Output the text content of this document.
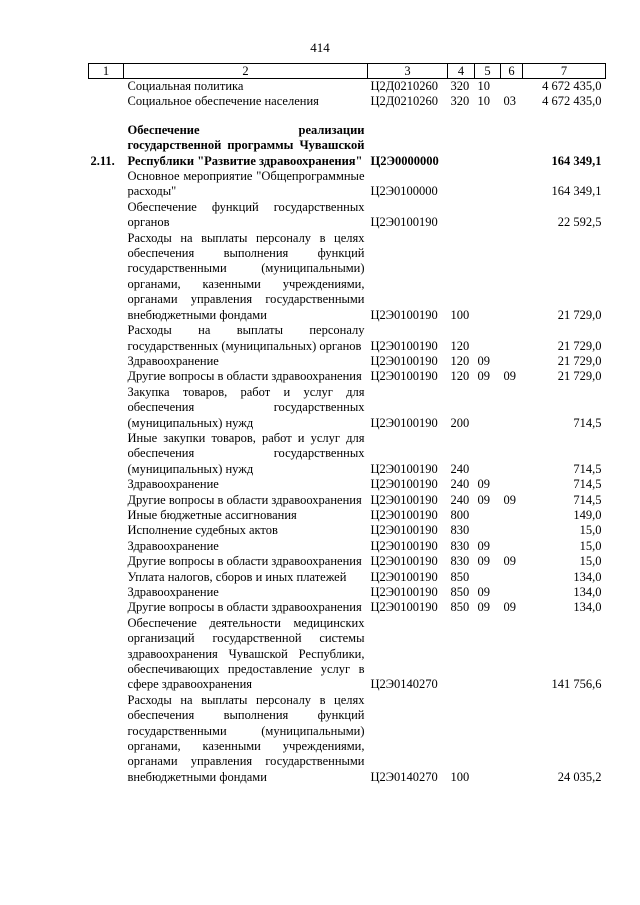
414
1	2	3	4	5	6	7
	Социальная политика	Ц2Д0210260	320	10		4 672 435,0
	Социальное обеспечение населения	Ц2Д0210260	320	10	03	4 672 435,0

2.11.	Обеспечение реализации государственной программы Чувашской Республики "Развитие здравоохранения"	Ц2Э0000000				164 349,1
	Основное мероприятие "Общепрограммные расходы"	Ц2Э0100000				164 349,1
	Обеспечение функций государственных органов	Ц2Э0100190				22 592,5
	Расходы на выплаты персоналу в целях обеспечения выполнения функций государственными (муниципальными) органами, казенными учреждениями, органами управления государственными внебюджетными фондами	Ц2Э0100190	100			21 729,0
	Расходы на выплаты персоналу государственных (муниципальных) органов	Ц2Э0100190	120			21 729,0
	Здравоохранение	Ц2Э0100190	120	09		21 729,0
	Другие вопросы в области здравоохранения	Ц2Э0100190	120	09	09	21 729,0
	Закупка товаров, работ и услуг для обеспечения государственных (муниципальных) нужд	Ц2Э0100190	200			714,5
	Иные закупки товаров, работ и услуг для обеспечения государственных (муниципальных) нужд	Ц2Э0100190	240			714,5
	Здравоохранение	Ц2Э0100190	240	09		714,5
	Другие вопросы в области здравоохранения	Ц2Э0100190	240	09	09	714,5
	Иные бюджетные ассигнования	Ц2Э0100190	800			149,0
	Исполнение судебных актов	Ц2Э0100190	830			15,0
	Здравоохранение	Ц2Э0100190	830	09		15,0
	Другие вопросы в области здравоохранения	Ц2Э0100190	830	09	09	15,0
	Уплата налогов, сборов и иных платежей	Ц2Э0100190	850			134,0
	Здравоохранение	Ц2Э0100190	850	09		134,0
	Другие вопросы в области здравоохранения	Ц2Э0100190	850	09	09	134,0
	Обеспечение деятельности медицинских организаций государственной системы здравоохранения Чувашской Республики, обеспечивающих предоставление услуг в сфере здравоохранения	Ц2Э0140270				141 756,6
	Расходы на выплаты персоналу в целях обеспечения выполнения функций государственными (муниципальными) органами, казенными учреждениями, органами управления государственными внебюджетными фондами	Ц2Э0140270	100			24 035,2
